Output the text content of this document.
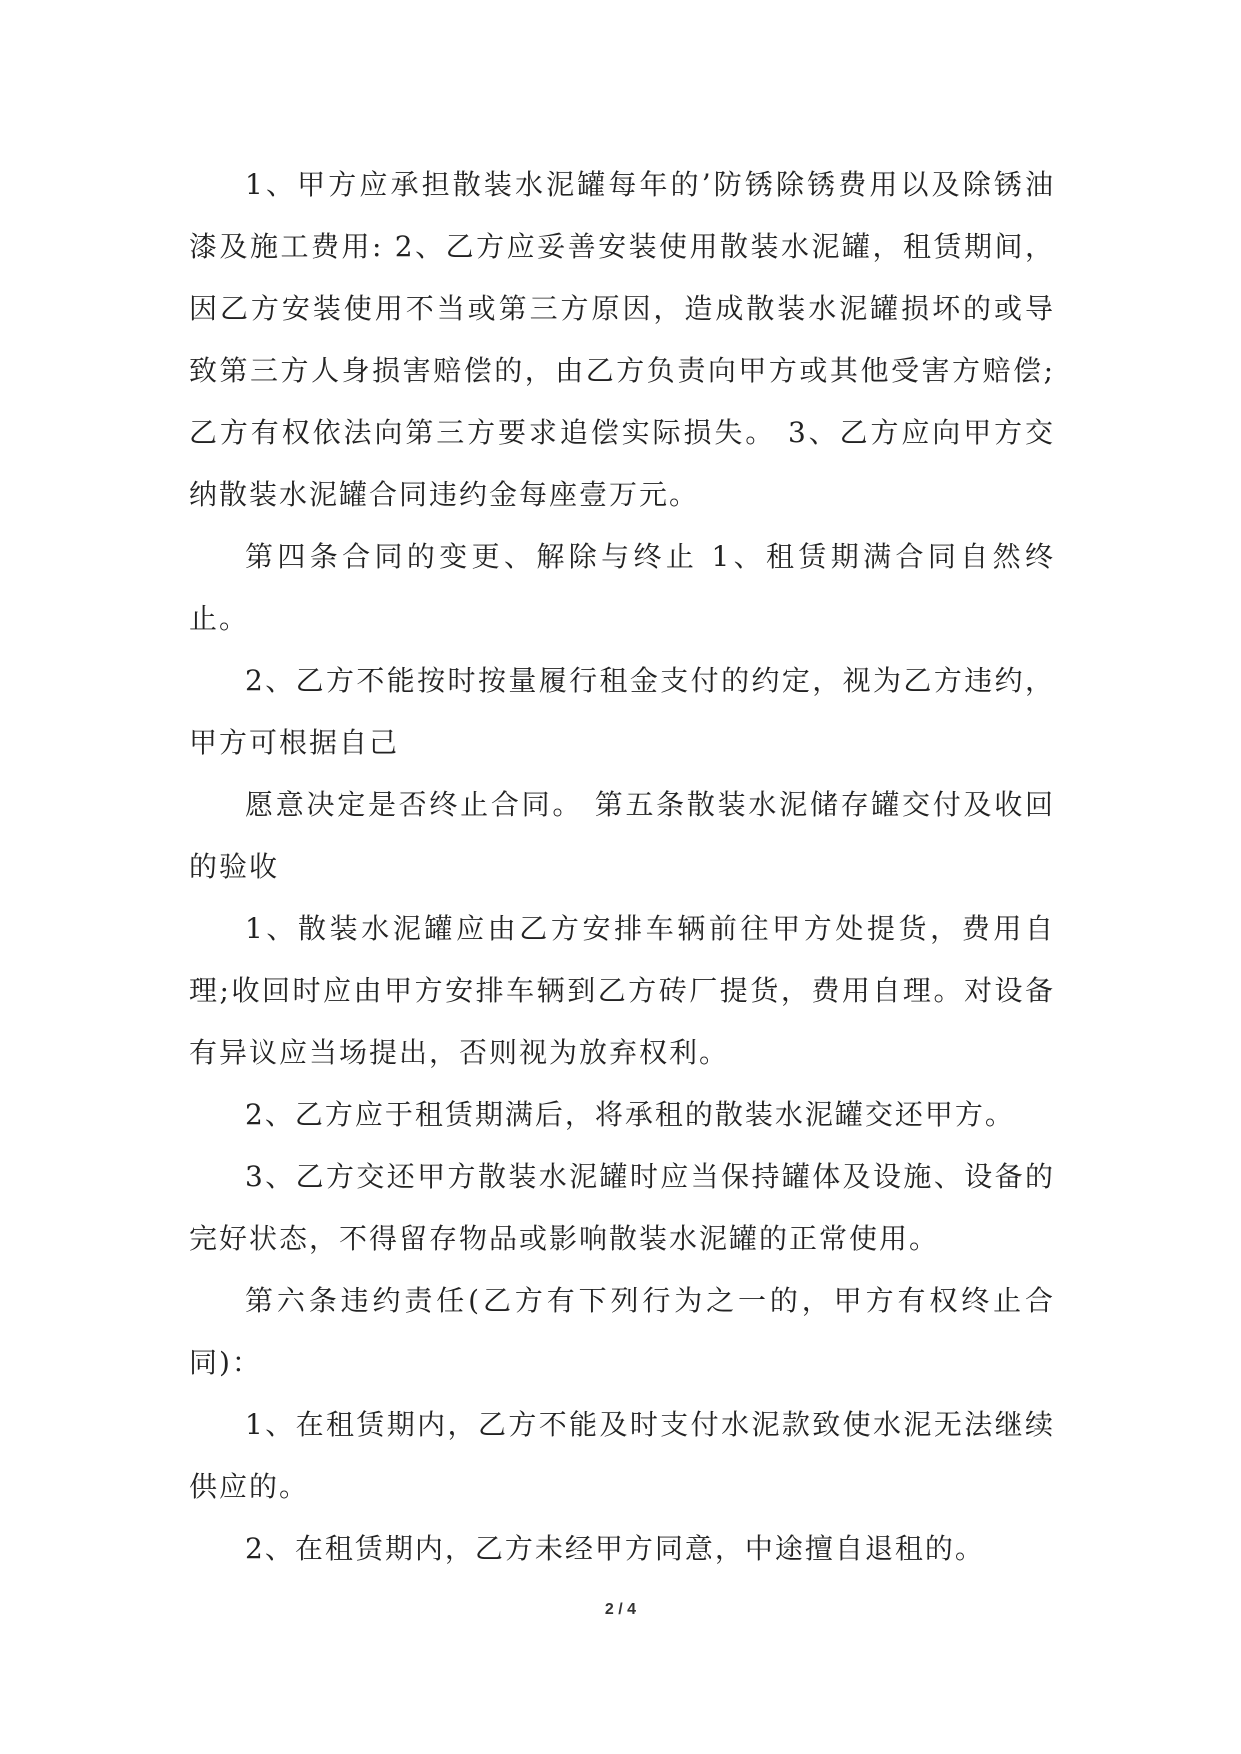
1、甲方应承担散装水泥罐每年的’防锈除锈费用以及除锈油漆及施工费用: 2、乙方应妥善安装使用散装水泥罐，租赁期间，因乙方安装使用不当或第三方原因，造成散装水泥罐损坏的或导致第三方人身损害赔偿的，由乙方负责向甲方或其他受害方赔偿;乙方有权依法向第三方要求追偿实际损失。 3、乙方应向甲方交纳散装水泥罐合同违约金每座壹万元。

第四条合同的变更、解除与终止 1、租赁期满合同自然终止。

2、乙方不能按时按量履行租金支付的约定，视为乙方违约，甲方可根据自己

愿意决定是否终止合同。 第五条散装水泥储存罐交付及收回的验收

1、散装水泥罐应由乙方安排车辆前往甲方处提货，费用自理;收回时应由甲方安排车辆到乙方砖厂提货，费用自理。对设备有异议应当场提出，否则视为放弃权利。

2、乙方应于租赁期满后，将承租的散装水泥罐交还甲方。

3、乙方交还甲方散装水泥罐时应当保持罐体及设施、设备的完好状态，不得留存物品或影响散装水泥罐的正常使用。

第六条违约责任(乙方有下列行为之一的，甲方有权终止合同)：

1、在租赁期内，乙方不能及时支付水泥款致使水泥无法继续供应的。

2、在租赁期内，乙方未经甲方同意，中途擅自退租的。

2 / 4
